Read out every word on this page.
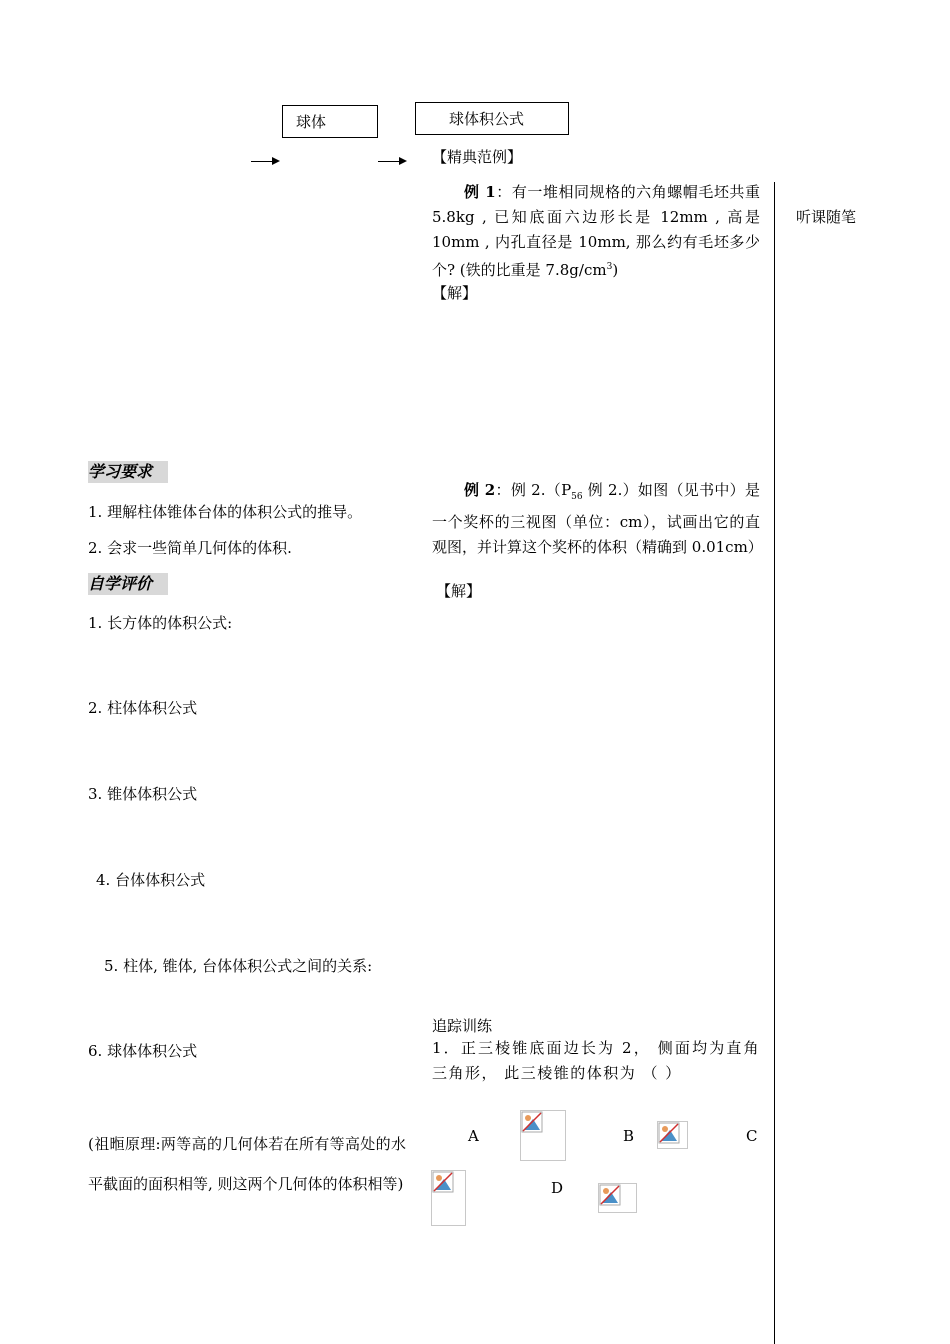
球体	球体积公式
【精典范例】
例 1：有一堆相同规格的六角螺帽毛坯共重 5.8kg , 已知底面六边形长是 12mm , 高是 10mm , 内孔直径是 10mm, 那么约有毛坯多少个? (铁的比重是 $7.8g/cm^3$)
【解】
例 2：例 $2.(P_{56}$ 例 2.）如图（见书中）是一个奖杯的三视图（单位：cm），试画出它的直观图，并计算这个奖杯的体积（精确到 0.01cm）
【解】
听课随笔
学习要求
1. 理解柱体锥体台体的体积公式的推导。
2. 会求一些简单几何体的体积.
自学评价
1. 长方体的体积公式:
2. 柱体体积公式
3. 锥体体积公式
4. 台体体积公式
5. 柱体, 锥体, 台体体积公式之间的关系:
6. 球体体积公式
(祖暅原理:两等高的几何体若在所有等高处的水平截面的面积相等, 则这两个几何体的体积相等)
追踪训练
1．正三棱锥底面边长为 2， 侧面均为直角三角形， 此三棱锥的体积为 （ ）
A	B	C
D
